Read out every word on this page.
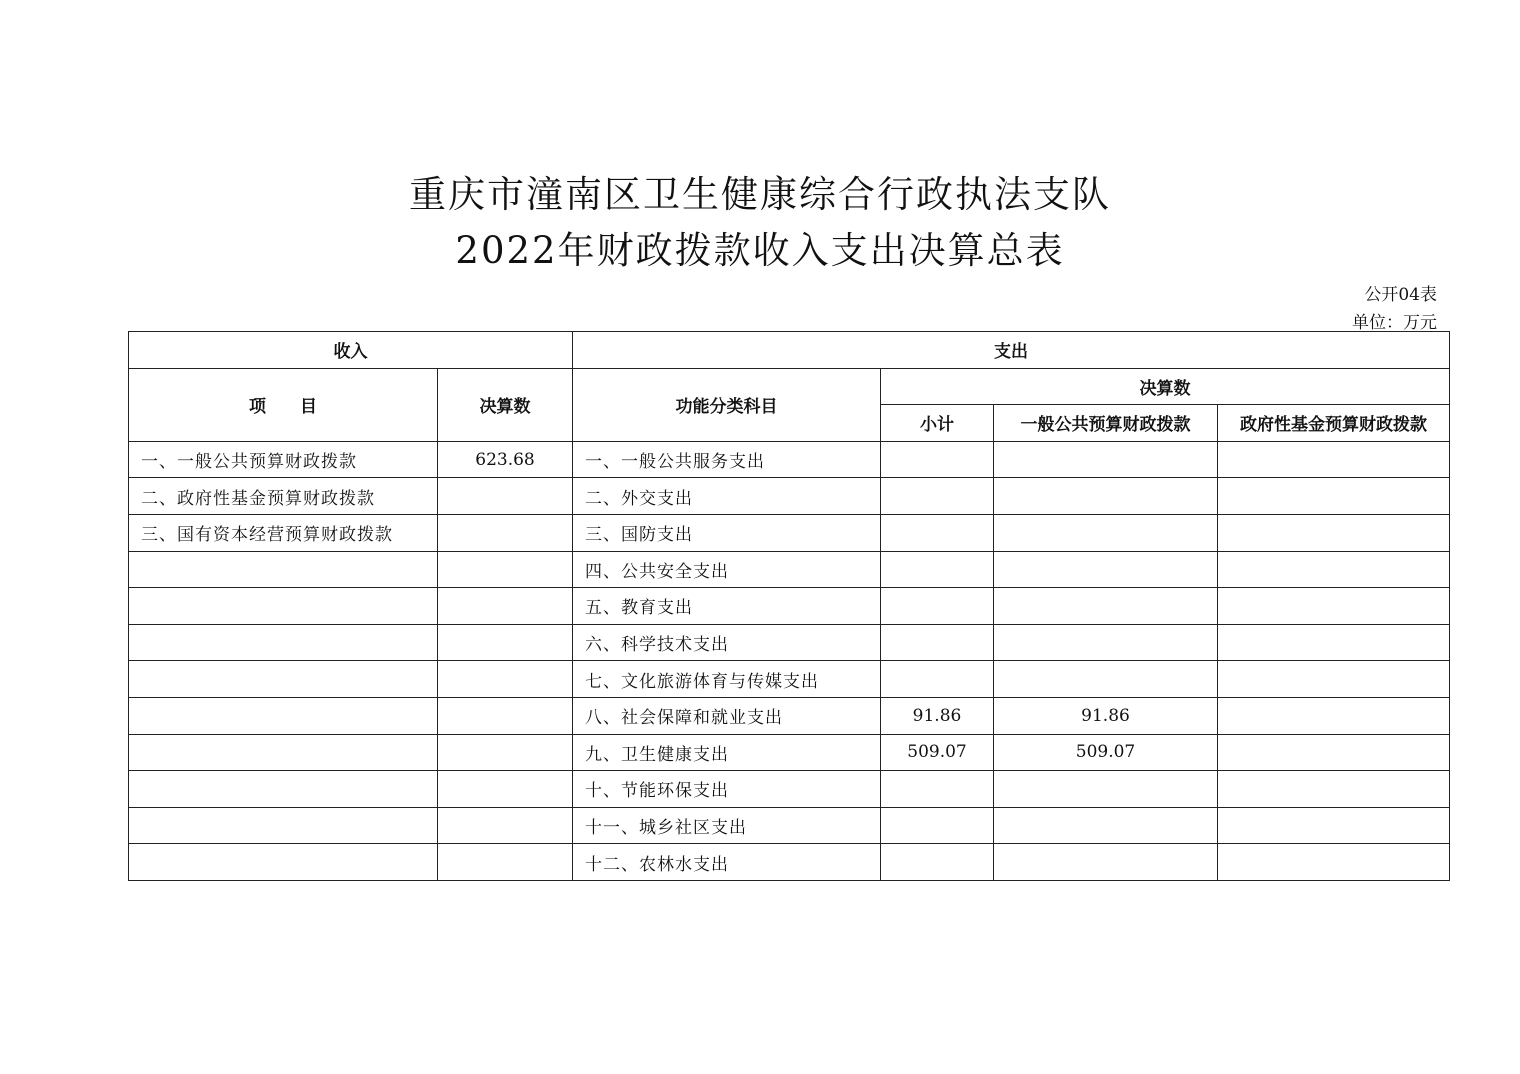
重庆市潼南区卫生健康综合行政执法支队
2022年财政拨款收入支出决算总表
公开04表
单位：万元
收入		支出			
项　　目	决算数	功能分类科目	决算数		
			小计	一般公共预算财政拨款	政府性基金预算财政拨款
一、一般公共预算财政拨款	623.68	一、一般公共服务支出			
二、政府性基金预算财政拨款		二、外交支出			
三、国有资本经营预算财政拨款		三、国防支出			
		四、公共安全支出			
		五、教育支出			
		六、科学技术支出			
		七、文化旅游体育与传媒支出			
		八、社会保障和就业支出	91.86	91.86	
		九、卫生健康支出	509.07	509.07	
		十、节能环保支出			
		十一、城乡社区支出			
		十二、农林水支出			
